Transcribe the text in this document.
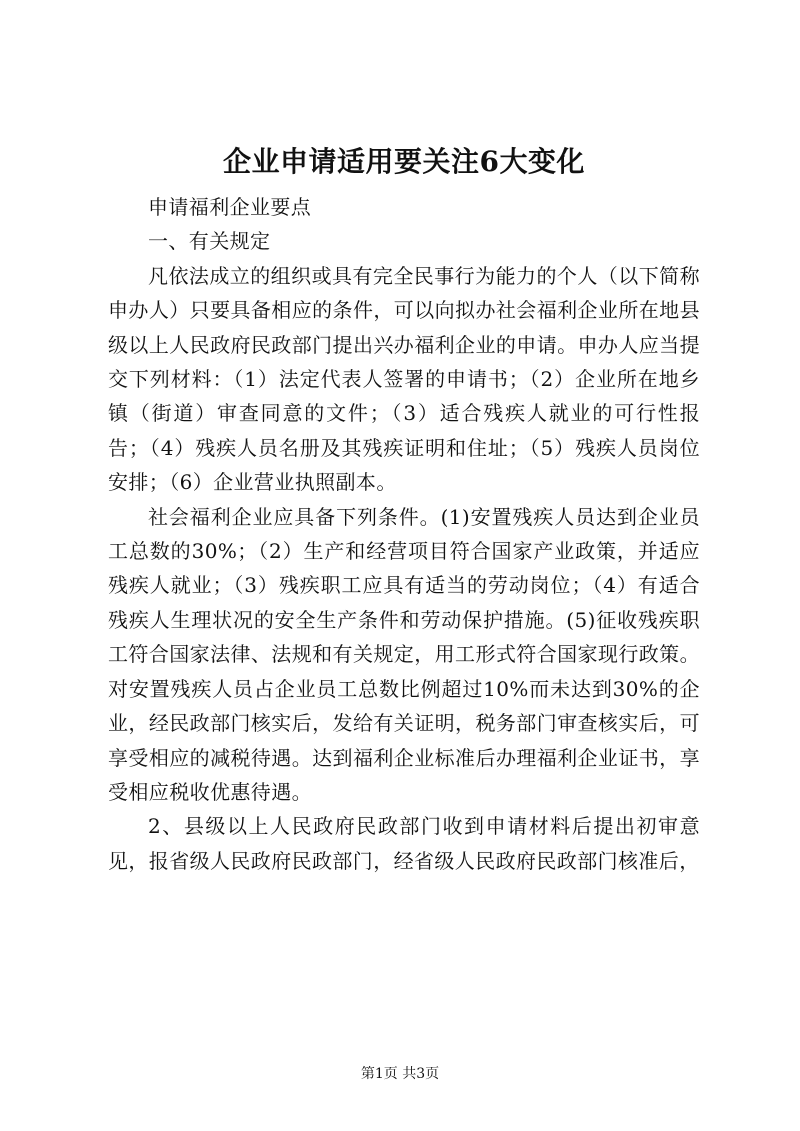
企业申请适用要关注6大变化

申请福利企业要点

一、有关规定

凡依法成立的组织或具有完全民事行为能力的个人（以下简称申办人）只要具备相应的条件，可以向拟办社会福利企业所在地县级以上人民政府民政部门提出兴办福利企业的申请。申办人应当提交下列材料：（1）法定代表人签署的申请书；（2）企业所在地乡镇（街道）审查同意的文件；（3）适合残疾人就业的可行性报告；（4）残疾人员名册及其残疾证明和住址；（5）残疾人员岗位安排；（6）企业营业执照副本。

社会福利企业应具备下列条件。(1)安置残疾人员达到企业员工总数的30%；（2）生产和经营项目符合国家产业政策，并适应残疾人就业；（3）残疾职工应具有适当的劳动岗位；（4）有适合残疾人生理状况的安全生产条件和劳动保护措施。(5)征收残疾职工符合国家法律、法规和有关规定，用工形式符合国家现行政策。对安置残疾人员占企业员工总数比例超过10%而未达到30%的企业，经民政部门核实后，发给有关证明，税务部门审查核实后，可享受相应的减税待遇。达到福利企业标准后办理福利企业证书，享受相应税收优惠待遇。

2、县级以上人民政府民政部门收到申请材料后提出初审意见，报省级人民政府民政部门，经省级人民政府民政部门核准后，

第1页 共3页
